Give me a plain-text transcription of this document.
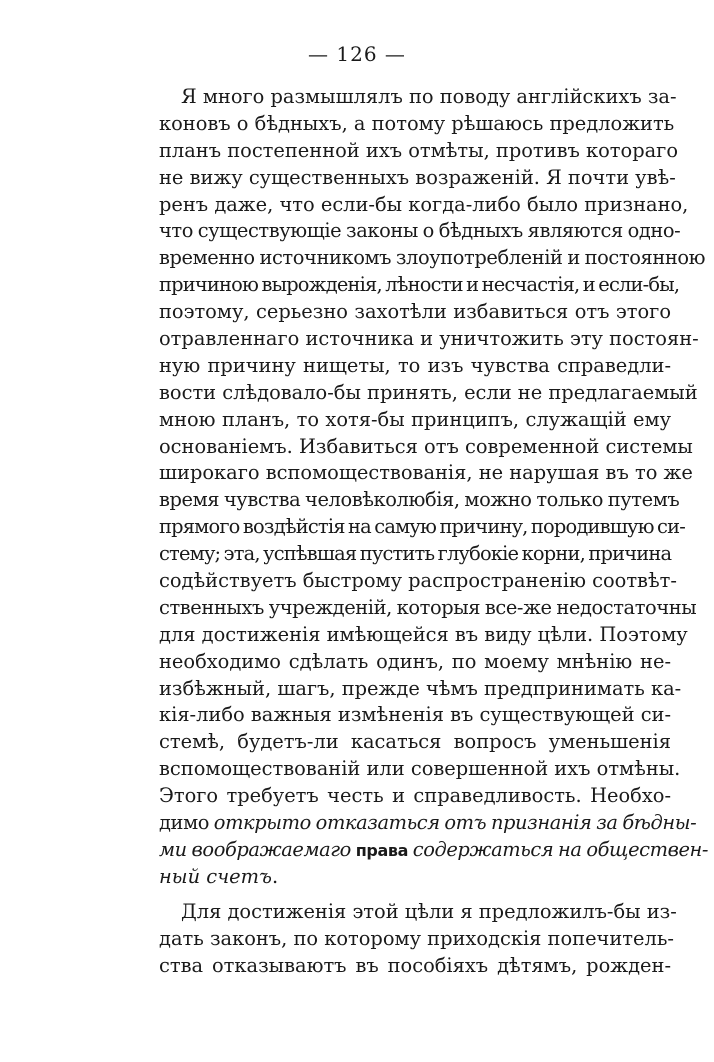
— 126 —
Я много размышлялъ по поводу англійскихъ за-
коновъ о бѣдныхъ, а потому рѣшаюсь предложить
планъ постепенной ихъ отмѣты, противъ котораго
не вижу существенныхъ возраженій. Я почти увѣ-
ренъ даже, что если-бы когда-либо было признано,
что существующіе законы о бѣдныхъ являются одно-
временно источникомъ злоупотребленій и постоянною
причиною вырожденія, лѣности и несчастія, и если-бы,
поэтому, серьезно захотѣли избавиться отъ этого
отравленнаго источника и уничтожить эту постоян-
ную причину нищеты, то изъ чувства справедли-
вости слѣдовало-бы принять, если не предлагаемый
мною планъ, то хотя-бы принципъ, служащій ему
основаніемъ. Избавиться отъ современной системы
широкаго вспомоществованія, не нарушая въ то же
время чувства человѣколюбія, можно только путемъ
прямого воздѣйстія на самую причину, породившую си-
стему; эта, успѣвшая пустить глубокіе корни, причина
содѣйствуетъ быстрому распространенію соотвѣт-
ственныхъ учрежденій, которыя все-же недостаточны
для достиженія имѣющейся въ виду цѣли. Поэтому
необходимо сдѣлать одинъ, по моему мнѣнію не-
избѣжный, шагъ, прежде чѣмъ предпринимать ка-
кія-либо важныя измѣненія въ существующей си-
стемѣ, будетъ-ли касаться вопросъ уменьшенія
вспомоществованій или совершенной ихъ отмѣны.
Этого требуетъ честь и справедливость. Необхо-
димо открыто отказаться отъ признанія за бѣдны-
ми воображаемаго права содержаться на обществен-
ный счетъ.
Для достиженія этой цѣли я предложилъ-бы из-
дать законъ, по которому приходскія попечитель-
ства отказываютъ въ пособіяхъ дѣтямъ, рожден-
